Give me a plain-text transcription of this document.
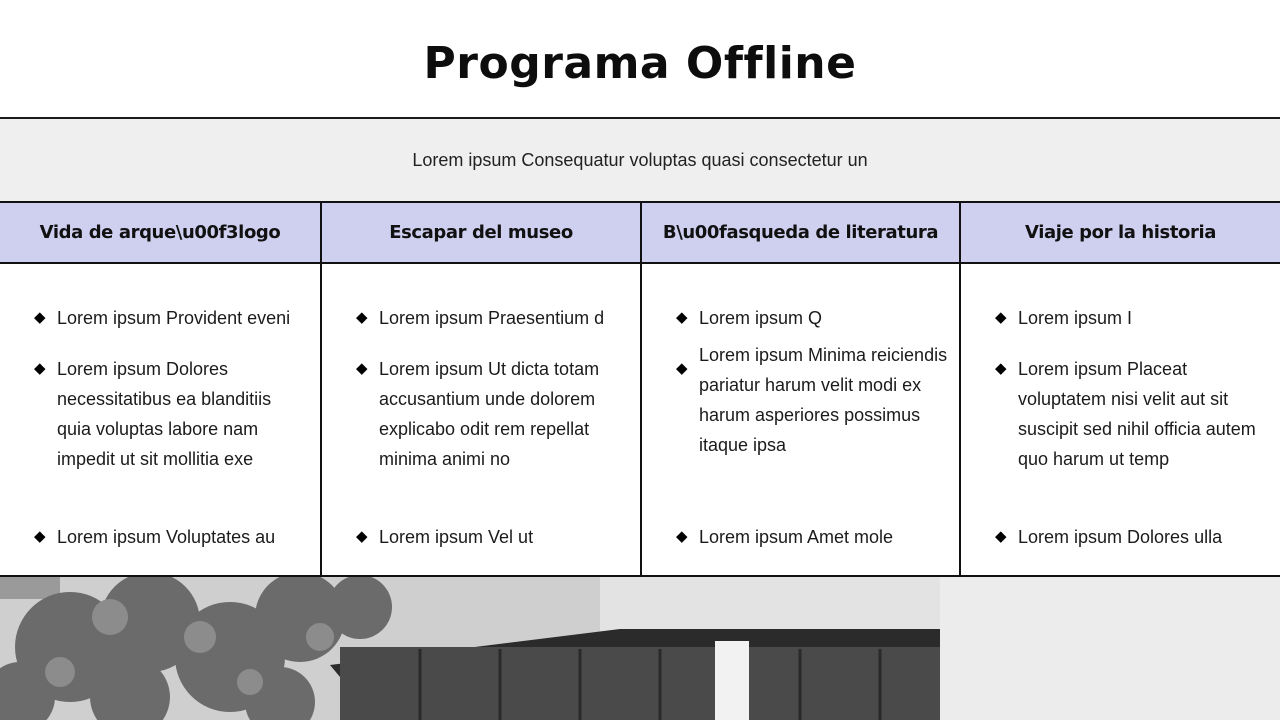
Programa Offline
Lorem ipsum Consequatur voluptas quasi consectetur un
Vida de arque\u00f3logo
◆ Lorem ipsum Provident eveni
◆ Lorem ipsum Dolores necessitatibus ea blanditiis quia voluptas labore nam impedit ut sit mollitia exe
◆ Lorem ipsum Voluptates au
Escapar del museo
◆ Lorem ipsum Praesentium d
◆ Lorem ipsum Ut dicta totam accusantium unde dolorem explicabo odit rem repellat minima animi no
◆ Lorem ipsum Vel ut
B\u00fasqueda de literatura
◆ Lorem ipsum Q
◆
Lorem ipsum Minima reiciendis pariatur harum velit modi ex harum asperiores possimus itaque ipsa
◆ Lorem ipsum Amet mole
Viaje por la historia
◆ Lorem ipsum I
◆ Lorem ipsum Placeat voluptatem nisi velit aut sit suscipit sed nihil officia autem quo harum ut temp
◆ Lorem ipsum Dolores ulla
